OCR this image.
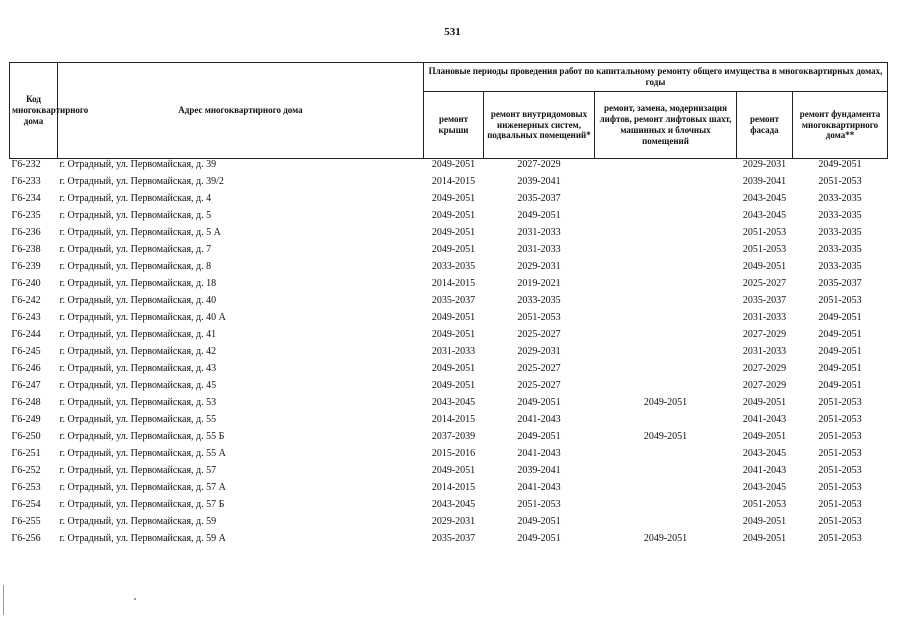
531
Код многоквартирного дома	Адрес многоквартирного дома	Плановые периоды проведения работ по капитальному ремонту общего имущества в многоквартирных домах, годы				
		ремонт крыши	ремонт внутридомовых инженерных систем, подвальных помещений*	ремонт, замена, модернизация лифтов, ремонт лифтовых шахт, машинных и блочных помещений	ремонт фасада	ремонт фундамента многоквартирного дома**
Г6-232	г. Отрадный, ул. Первомайская, д. 39	2049-2051	2027-2029		2029-2031	2049-2051
Г6-233	г. Отрадный, ул. Первомайская, д. 39/2	2014-2015	2039-2041		2039-2041	2051-2053
Г6-234	г. Отрадный, ул. Первомайская, д. 4	2049-2051	2035-2037		2043-2045	2033-2035
Г6-235	г. Отрадный, ул. Первомайская, д. 5	2049-2051	2049-2051		2043-2045	2033-2035
Г6-236	г. Отрадный, ул. Первомайская, д. 5 А	2049-2051	2031-2033		2051-2053	2033-2035
Г6-238	г. Отрадный, ул. Первомайская, д. 7	2049-2051	2031-2033		2051-2053	2033-2035
Г6-239	г. Отрадный, ул. Первомайская, д. 8	2033-2035	2029-2031		2049-2051	2033-2035
Г6-240	г. Отрадный, ул. Первомайская, д. 18	2014-2015	2019-2021		2025-2027	2035-2037
Г6-242	г. Отрадный, ул. Первомайская, д. 40	2035-2037	2033-2035		2035-2037	2051-2053
Г6-243	г. Отрадный, ул. Первомайская, д. 40 А	2049-2051	2051-2053		2031-2033	2049-2051
Г6-244	г. Отрадный, ул. Первомайская, д. 41	2049-2051	2025-2027		2027-2029	2049-2051
Г6-245	г. Отрадный, ул. Первомайская, д. 42	2031-2033	2029-2031		2031-2033	2049-2051
Г6-246	г. Отрадный, ул. Первомайская, д. 43	2049-2051	2025-2027		2027-2029	2049-2051
Г6-247	г. Отрадный, ул. Первомайская, д. 45	2049-2051	2025-2027		2027-2029	2049-2051
Г6-248	г. Отрадный, ул. Первомайская, д. 53	2043-2045	2049-2051	2049-2051	2049-2051	2051-2053
Г6-249	г. Отрадный, ул. Первомайская, д. 55	2014-2015	2041-2043		2041-2043	2051-2053
Г6-250	г. Отрадный, ул. Первомайская, д. 55 Б	2037-2039	2049-2051	2049-2051	2049-2051	2051-2053
Г6-251	г. Отрадный, ул. Первомайская, д. 55 А	2015-2016	2041-2043		2043-2045	2051-2053
Г6-252	г. Отрадный, ул. Первомайская, д. 57	2049-2051	2039-2041		2041-2043	2051-2053
Г6-253	г. Отрадный, ул. Первомайская, д. 57 А	2014-2015	2041-2043		2043-2045	2051-2053
Г6-254	г. Отрадный, ул. Первомайская, д. 57 Б	2043-2045	2051-2053		2051-2053	2051-2053
Г6-255	г. Отрадный, ул. Первомайская, д. 59	2029-2031	2049-2051		2049-2051	2051-2053
Г6-256	г. Отрадный, ул. Первомайская, д. 59 А	2035-2037	2049-2051	2049-2051	2049-2051	2051-2053
